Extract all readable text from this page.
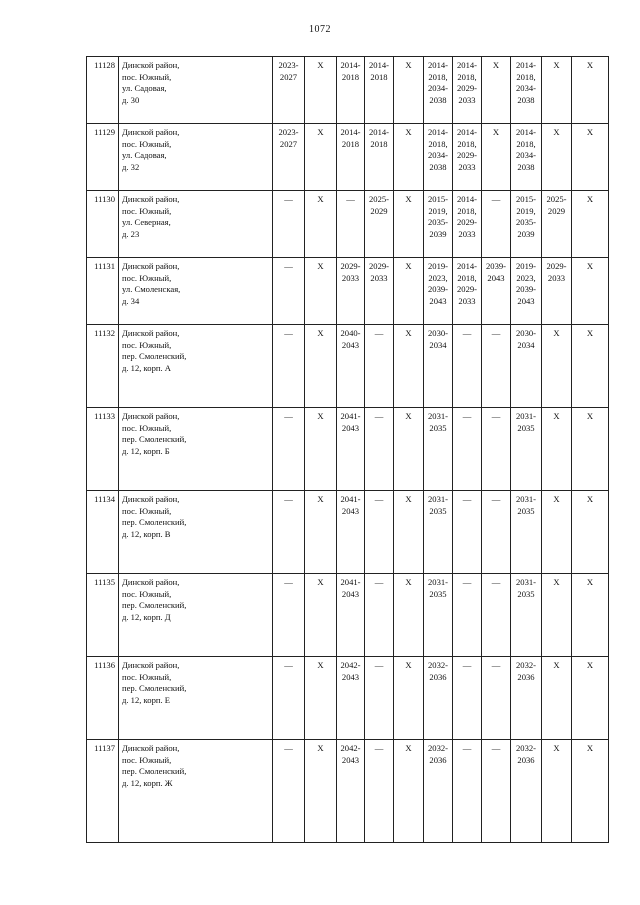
1072
11128	Динской район,
пос. Южный,
ул. Садовая,
д. 30	2023-
2027	Х	2014-
2018	2014-
2018	Х	2014-
2018,
2034-
2038	2014-
2018,
2029-
2033	Х	2014-
2018,
2034-
2038	Х	Х
11129	Динской район,
пос. Южный,
ул. Садовая,
д. 32	2023-
2027	Х	2014-
2018	2014-
2018	Х	2014-
2018,
2034-
2038	2014-
2018,
2029-
2033	Х	2014-
2018,
2034-
2038	Х	Х
11130	Динской район,
пос. Южный,
ул. Северная,
д. 23	—	Х	—	2025-
2029	Х	2015-
2019,
2035-
2039	2014-
2018,
2029-
2033	—	2015-
2019,
2035-
2039	2025-
2029	Х
11131	Динской район,
пос. Южный,
ул. Смоленская,
д. 34	—	Х	2029-
2033	2029-
2033	Х	2019-
2023,
2039-
2043	2014-
2018,
2029-
2033	2039-
2043	2019-
2023,
2039-
2043	2029-
2033	Х
11132	Динской район,
пос. Южный,
пер. Смоленский,
д. 12, корп. А	—	Х	2040-
2043	—	Х	2030-
2034	—	—	2030-
2034	Х	Х
11133	Динской район,
пос. Южный,
пер. Смоленский,
д. 12, корп. Б	—	Х	2041-
2043	—	Х	2031-
2035	—	—	2031-
2035	Х	Х
11134	Динской район,
пос. Южный,
пер. Смоленский,
д. 12, корп. В	—	Х	2041-
2043	—	Х	2031-
2035	—	—	2031-
2035	Х	Х
11135	Динской район,
пос. Южный,
пер. Смоленский,
д. 12, корп. Д	—	Х	2041-
2043	—	Х	2031-
2035	—	—	2031-
2035	Х	Х
11136	Динской район,
пос. Южный,
пер. Смоленский,
д. 12, корп. Е	—	Х	2042-
2043	—	Х	2032-
2036	—	—	2032-
2036	Х	Х
11137	Динской район,
пос. Южный,
пер. Смоленский,
д. 12, корп. Ж	—	Х	2042-
2043	—	Х	2032-
2036	—	—	2032-
2036	Х	Х
